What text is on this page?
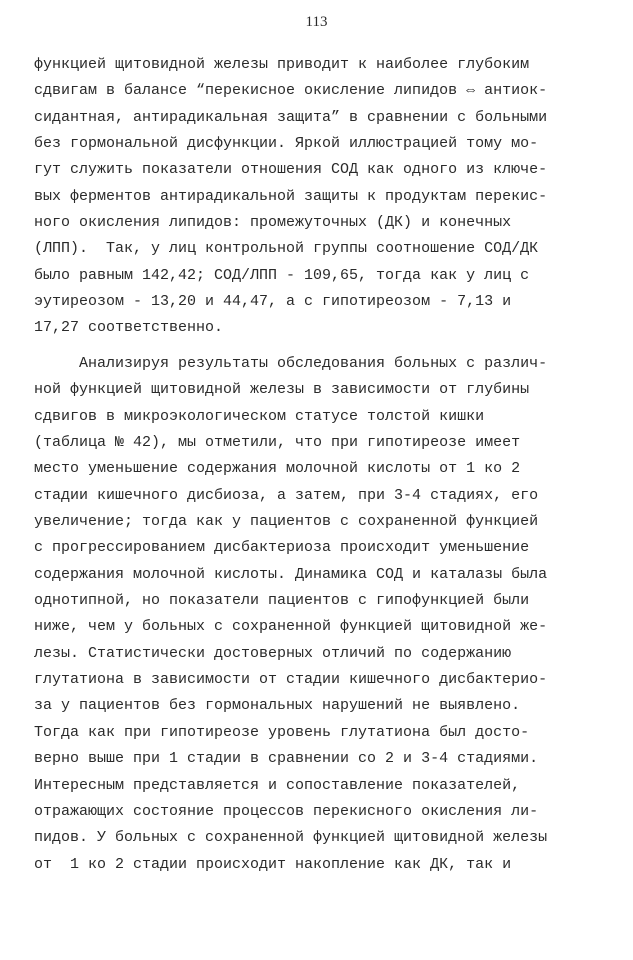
113
функцией щитовидной железы приводит к наиболее глубоким
сдвигам в балансе “перекисное окисление липидов ⇔ антиок-
сидантная, антирадикальная защита” в сравнении с больными
без гормональной дисфункции. Яркой иллюстрацией тому мо-
гут служить показатели отношения СОД как одного из ключе-
вых ферментов антирадикальной защиты к продуктам перекис-
ного окисления липидов: промежуточных (ДК) и конечных
(ЛПП).  Так, у лиц контрольной группы соотношение СОД/ДК
было равным 142,42; СОД/ЛПП - 109,65, тогда как у лиц с
эутиреозом - 13,20 и 44,47, а с гипотиреозом - 7,13 и
17,27 соответственно.
Анализируя результаты обследования больных с различ-
ной функцией щитовидной железы в зависимости от глубины
сдвигов в микроэкологическом статусе толстой кишки
(таблица № 42), мы отметили, что при гипотиреозе имеет
место уменьшение содержания молочной кислоты от 1 ко 2
стадии кишечного дисбиоза, а затем, при 3-4 стадиях, его
увеличение; тогда как у пациентов с сохраненной функцией
с прогрессированием дисбактериоза происходит уменьшение
содержания молочной кислоты. Динамика СОД и каталазы была
однотипной, но показатели пациентов с гипофункцией были
ниже, чем у больных с сохраненной функцией щитовидной же-
лезы. Статистически достоверных отличий по содержанию
глутатиона в зависимости от стадии кишечного дисбактерио-
за у пациентов без гормональных нарушений не выявлено.
Тогда как при гипотиреозе уровень глутатиона был досто-
верно выше при 1 стадии в сравнении со 2 и 3-4 стадиями.
Интересным представляется и сопоставление показателей,
отражающих состояние процессов перекисного окисления ли-
пидов. У больных с сохраненной функцией щитовидной железы
от  1 ко 2 стадии происходит накопление как ДК, так и
